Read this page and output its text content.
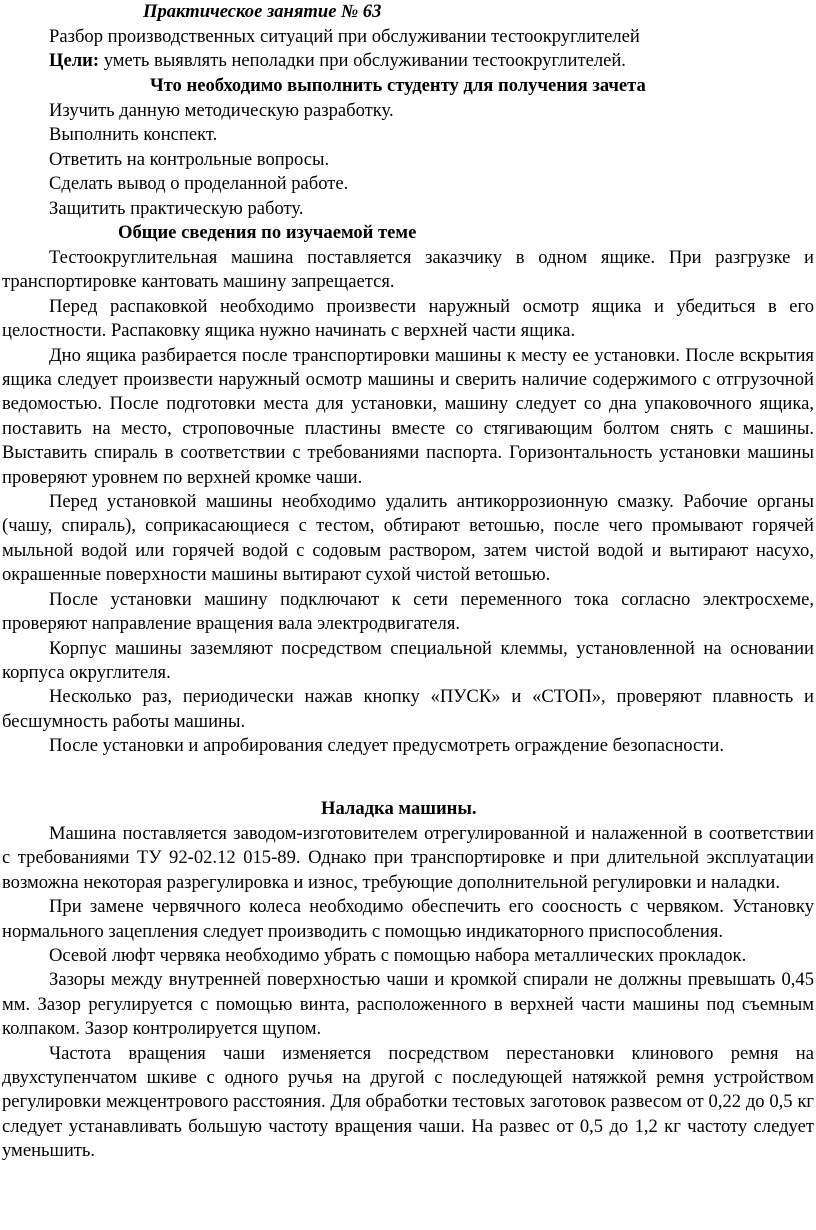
Практическое занятие № 63
Разбор производственных ситуаций при обслуживании тестоокруглителей
Цели: уметь выявлять неполадки при обслуживании тестоокруглителей.
Что необходимо выполнить студенту для получения зачета
Изучить данную методическую разработку.
Выполнить конспект.
Ответить на контрольные вопросы.
Сделать вывод о проделанной работе.
Защитить практическую работу.
Общие сведения по изучаемой теме

Тестоокруглительная машина поставляется заказчику в одном ящике. При разгрузке и транспортировке кантовать машину запрещается.

Перед распаковкой необходимо произвести наружный осмотр ящика и убедиться в его целостности. Распаковку ящика нужно начинать с верхней части ящика.

Дно ящика разбирается после транспортировки машины к месту ее установки. После вскрытия ящика следует произвести наружный осмотр машины и сверить наличие содержимого с отгрузочной ведомостью. После подготовки места для установки, машину следует со дна упаковочного ящика, поставить на место, строповочные пластины вместе со стягивающим болтом снять с машины. Выставить спираль в соответствии с требованиями паспорта. Горизонтальность установки машины проверяют уровнем по верхней кромке чаши.

Перед установкой машины необходимо удалить антикоррозионную смазку. Рабочие органы (чашу, спираль), соприкасающиеся с тестом, обтирают ветошью, после чего промывают горячей мыльной водой или горячей водой с содовым раствором, затем чистой водой и вытирают насухо, окрашенные поверхности машины вытирают сухой чистой ветошью.

После установки машину подключают к сети переменного тока согласно электросхеме, проверяют направление вращения вала электродвигателя.

Корпус машины заземляют посредством специальной клеммы, установленной на основании корпуса округлителя.

Несколько раз, периодически нажав кнопку «ПУСК» и «СТОП», проверяют плавность и бесшумность работы машины.

После установки и апробирования следует предусмотреть ограждение безопасности.

Наладка машины.

Машина поставляется заводом-изготовителем отрегулированной и налаженной в соответствии с требованиями ТУ 92-02.12 015-89. Однако при транспортировке и при длительной эксплуатации возможна некоторая разрегулировка и износ, требующие дополнительной регулировки и наладки.

При замене червячного колеса необходимо обеспечить его соосность с червяком. Установку нормального зацепления следует производить с помощью индикаторного приспособления.

Осевой люфт червяка необходимо убрать с помощью набора металлических прокладок.

Зазоры между внутренней поверхностью чаши и кромкой спирали не должны превышать 0,45 мм. Зазор регулируется с помощью винта, расположенного в верхней части машины под съемным колпаком. Зазор контролируется щупом.

Частота вращения чаши изменяется посредством перестановки клинового ремня на двухступенчатом шкиве с одного ручья на другой с последующей натяжкой ремня устройством регулировки межцентрового расстояния. Для обработки тестовых заготовок развесом от 0,22 до 0,5 кг следует устанавливать большую частоту вращения чаши. На развес от 0,5 до 1,2 кг частоту следует уменьшить.
